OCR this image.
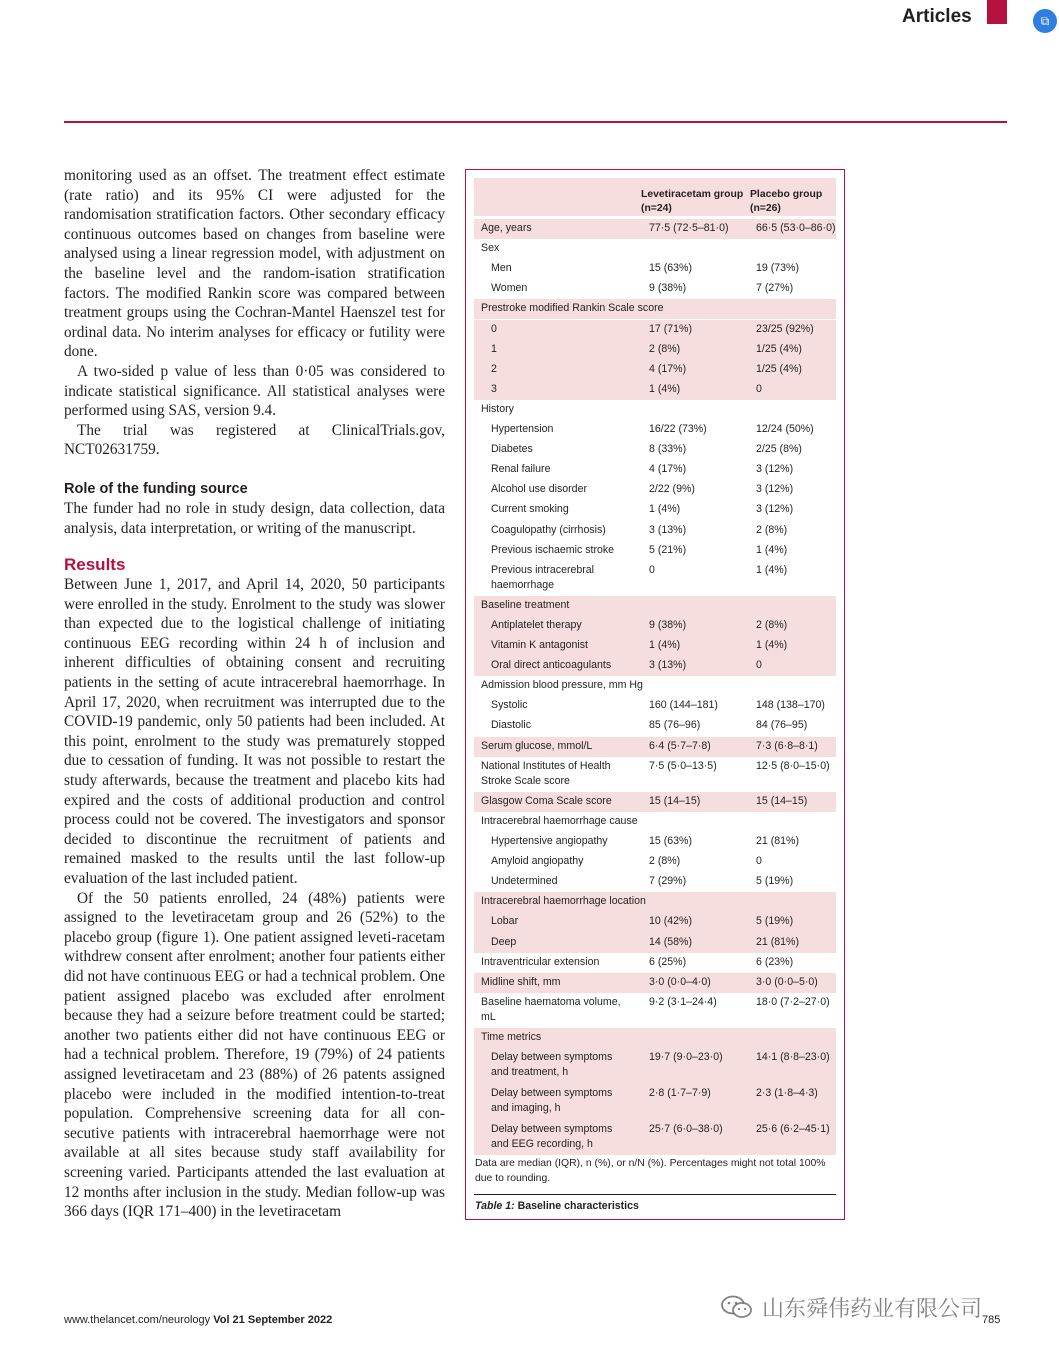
Articles	⧉

monitoring used as an offset. The treatment effect estimate (rate ratio) and its 95% CI were adjusted for the randomisation stratification factors. Other secondary efficacy continuous outcomes based on changes from baseline were analysed using a linear regression model, with adjustment on the baseline level and the random-isation stratification factors. The modified Rankin score was compared between treatment groups using the Cochran-Mantel Haenszel test for ordinal data. No interim analyses for efficacy or futility were done.

A two-sided p value of less than 0·05 was considered to indicate statistical significance. All statistical analyses were performed using SAS, version 9.4.

The trial was registered at ClinicalTrials.gov, NCT02631759.

Role of the funding source

The funder had no role in study design, data collection, data analysis, data interpretation, or writing of the manuscript.

Results

Between June 1, 2017, and April 14, 2020, 50 participants were enrolled in the study. Enrolment to the study was slower than expected due to the logistical challenge of initiating continuous EEG recording within 24 h of inclusion and inherent difficulties of obtaining consent and recruiting patients in the setting of acute intracerebral haemorrhage. In April 17, 2020, when recruitment was interrupted due to the COVID-19 pandemic, only 50 patients had been included. At this point, enrolment to the study was prematurely stopped due to cessation of funding. It was not possible to restart the study afterwards, because the treatment and placebo kits had expired and the costs of additional production and control process could not be covered. The investigators and sponsor decided to discontinue the recruitment of patients and remained masked to the results until the last follow-up evaluation of the last included patient.

Of the 50 patients enrolled, 24 (48%) patients were assigned to the levetiracetam group and 26 (52%) to the placebo group (figure 1). One patient assigned leveti-racetam withdrew consent after enrolment; another four patients either did not have continuous EEG or had a technical problem. One patient assigned placebo was excluded after enrolment because they had a seizure before treatment could be started; another two patients either did not have continuous EEG or had a technical problem. Therefore, 19 (79%) of 24 patients assigned levetiracetam and 23 (88%) of 26 patents assigned placebo were included in the modified intention-to-treat population. Comprehensive screening data for all con-secutive patients with intracerebral haemorrhage were not available at all sites because study staff availability for screening varied. Participants attended the last evaluation at 12 months after inclusion in the study. Median follow-up was 366 days (IQR 171–400) in the levetiracetam

Levetiracetam group
(n=24)
Placebo group
(n=26)
Age, years	77·5 (72·5–81·0)	66·5 (53·0–86·0)
Sex
Men	15 (63%)	19 (73%)
Women	9 (38%)	7 (27%)
Prestroke modified Rankin Scale score
0	17 (71%)	23/25 (92%)
1	2 (8%)	1/25 (4%)
2	4 (17%)	1/25 (4%)
3	1 (4%)	0
History
Hypertension	16/22 (73%)	12/24 (50%)
Diabetes	8 (33%)	2/25 (8%)
Renal failure	4 (17%)	3 (12%)
Alcohol use disorder	2/22 (9%)	3 (12%)
Current smoking	1 (4%)	3 (12%)
Coagulopathy (cirrhosis)	3 (13%)	2 (8%)
Previous ischaemic stroke	5 (21%)	1 (4%)
Previous intracerebral
haemorrhage
0	1 (4%)
Baseline treatment
Antiplatelet therapy	9 (38%)	2 (8%)
Vitamin K antagonist	1 (4%)	1 (4%)
Oral direct anticoagulants	3 (13%)	0
Admission blood pressure, mm Hg
Systolic	160 (144–181)	148 (138–170)
Diastolic	85 (76–96)	84 (76–95)
Serum glucose, mmol/L	6·4 (5·7–7·8)	7·3 (6·8–8·1)
National Institutes of Health
Stroke Scale score
7·5 (5·0–13·5)	12·5 (8·0–15·0)
Glasgow Coma Scale score	15 (14–15)	15 (14–15)
Intracerebral haemorrhage cause
Hypertensive angiopathy	15 (63%)	21 (81%)
Amyloid angiopathy	2 (8%)	0
Undetermined	7 (29%)	5 (19%)
Intracerebral haemorrhage location
Lobar	10 (42%)	5 (19%)
Deep	14 (58%)	21 (81%)
Intraventricular extension	6 (25%)	6 (23%)
Midline shift, mm	3·0 (0·0–4·0)	3·0 (0·0–5·0)
Baseline haematoma volume,
mL
9·2 (3·1–24·4)	18·0 (7·2–27·0)
Time metrics
Delay between symptoms
and treatment, h
19·7 (9·0–23·0)	14·1 (8·8–23·0)
Delay between symptoms
and imaging, h
2·8 (1·7–7·9)	2·3 (1·8–4·3)
Delay between symptoms
and EEG recording, h
25·7 (6·0–38·0)	25·6 (6·2–45·1)
Data are median (IQR), n (%), or n/N (%). Percentages might not total 100% due to rounding.
Table 1: Baseline characteristics
www.thelancet.com/neurology Vol 21 September 2022	785
山东舜伟药业有限公司
